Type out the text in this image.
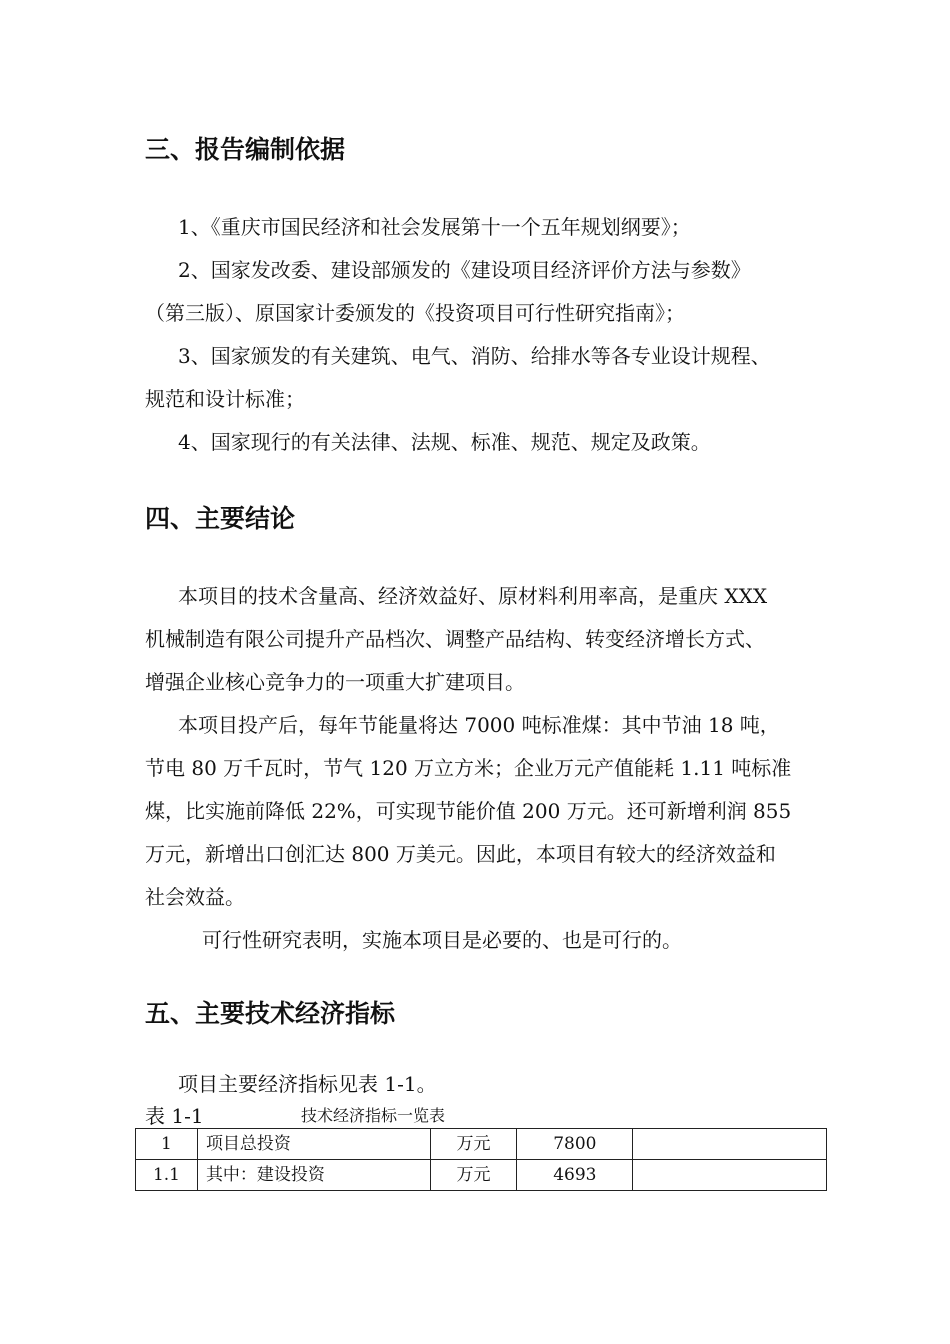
三、报告编制依据

1、《重庆市国民经济和社会发展第十一个五年规划纲要》；

2、国家发改委、建设部颁发的《建设项目经济评价方法与参数》

（第三版）、原国家计委颁发的《投资项目可行性研究指南》；

3、国家颁发的有关建筑、电气、消防、给排水等各专业设计规程、

规范和设计标准；

4、国家现行的有关法律、法规、标准、规范、规定及政策。

四、主要结论

本项目的技术含量高、经济效益好、原材料利用率高，是重庆 XXX

机械制造有限公司提升产品档次、调整产品结构、转变经济增长方式、

增强企业核心竞争力的一项重大扩建项目。

本项目投产后，每年节能量将达 7000 吨标准煤：其中节油 18 吨，

节电 80 万千瓦时，节气 120 万立方米；企业万元产值能耗 1.11 吨标准

煤，比实施前降低 22%，可实现节能价值 200 万元。还可新增利润 855

万元，新增出口创汇达 800 万美元。因此，本项目有较大的经济效益和

社会效益。

可行性研究表明，实施本项目是必要的、也是可行的。

五、主要技术经济指标

项目主要经济指标见表 1-1。

表 1-1	技术经济指标一览表
1	项目总投资	万元	7800	
1.1	其中：建设投资	万元	4693	
